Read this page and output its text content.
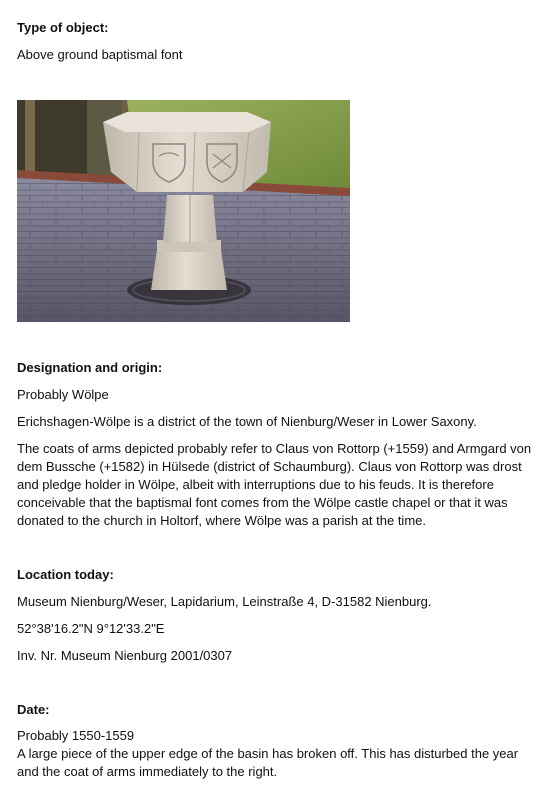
Type of object:

Above ground baptismal font

Designation and origin:

Probably Wölpe

Erichshagen-Wölpe is a district of the town of Nienburg/Weser in Lower Saxony.

The coats of arms depicted probably refer to Claus von Rottorp (+1559) and Armgard von

dem Bussche (+1582) in Hülsede (district of Schaumburg). Claus von Rottorp was drost

and pledge holder in Wölpe, albeit with interruptions due to his feuds. It is therefore

conceivable that the baptismal font comes from the Wölpe castle chapel or that it was

donated to the church in Holtorf, where Wölpe was a parish at the time.

Location today:

Museum Nienburg/Weser, Lapidarium, Leinstraße 4, D-31582 Nienburg.

52°38'16.2"N 9°12'33.2"E

Inv. Nr. Museum Nienburg 2001/0307

Date:

Probably 1550-1559

A large piece of the upper edge of the basin has broken off. This has disturbed the year

and the coat of arms immediately to the right.
